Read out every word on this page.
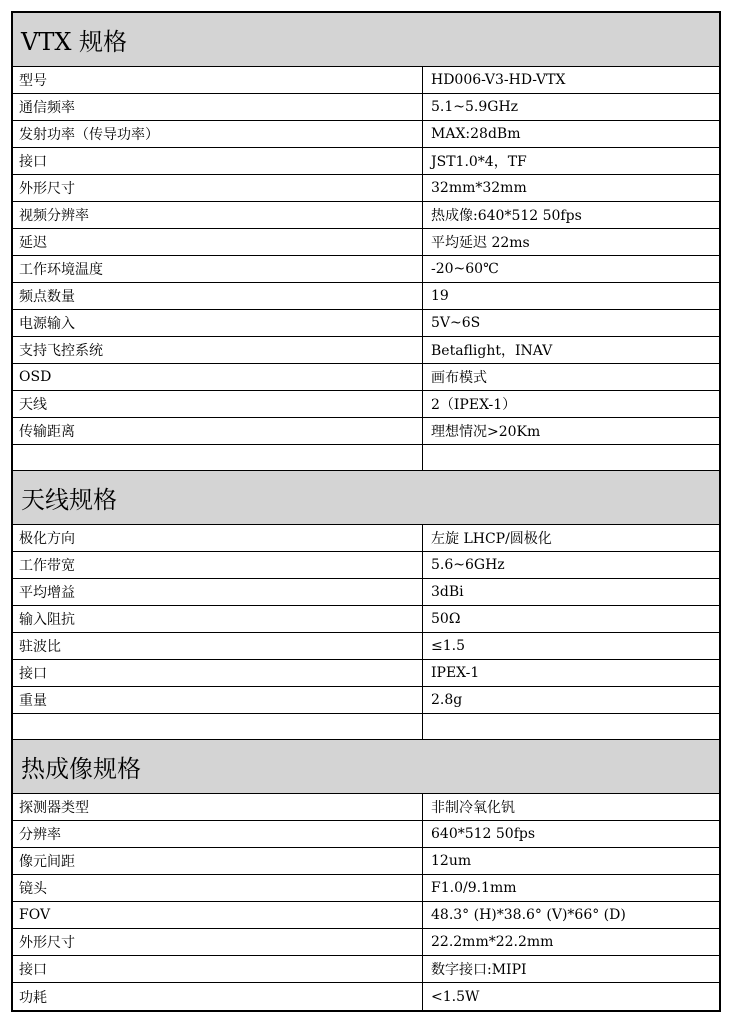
VTX 规格
型号	HD006-V3-HD-VTX
通信频率	5.1~5.9GHz
发射功率（传导功率）	MAX:28dBm
接口	JST1.0*4，TF
外形尺寸	32mm*32mm
视频分辨率	热成像:640*512 50fps
延迟	平均延迟 22ms
工作环境温度	-20~60℃
频点数量	19
电源输入	5V~6S
支持飞控系统	Betaflight，INAV
OSD	画布模式
天线	2（IPEX-1）
传输距离	理想情况>20Km
天线规格
极化方向	左旋 LHCP/圆极化
工作带宽	5.6~6GHz
平均增益	3dBi
输入阻抗	50Ω
驻波比	≤1.5
接口	IPEX-1
重量	2.8g
热成像规格
探测器类型	非制冷氧化钒
分辨率	640*512 50fps
像元间距	12um
镜头	F1.0/9.1mm
FOV	48.3° (H)*38.6° (V)*66° (D)
外形尺寸	22.2mm*22.2mm
接口	数字接口:MIPI
功耗	<1.5W
